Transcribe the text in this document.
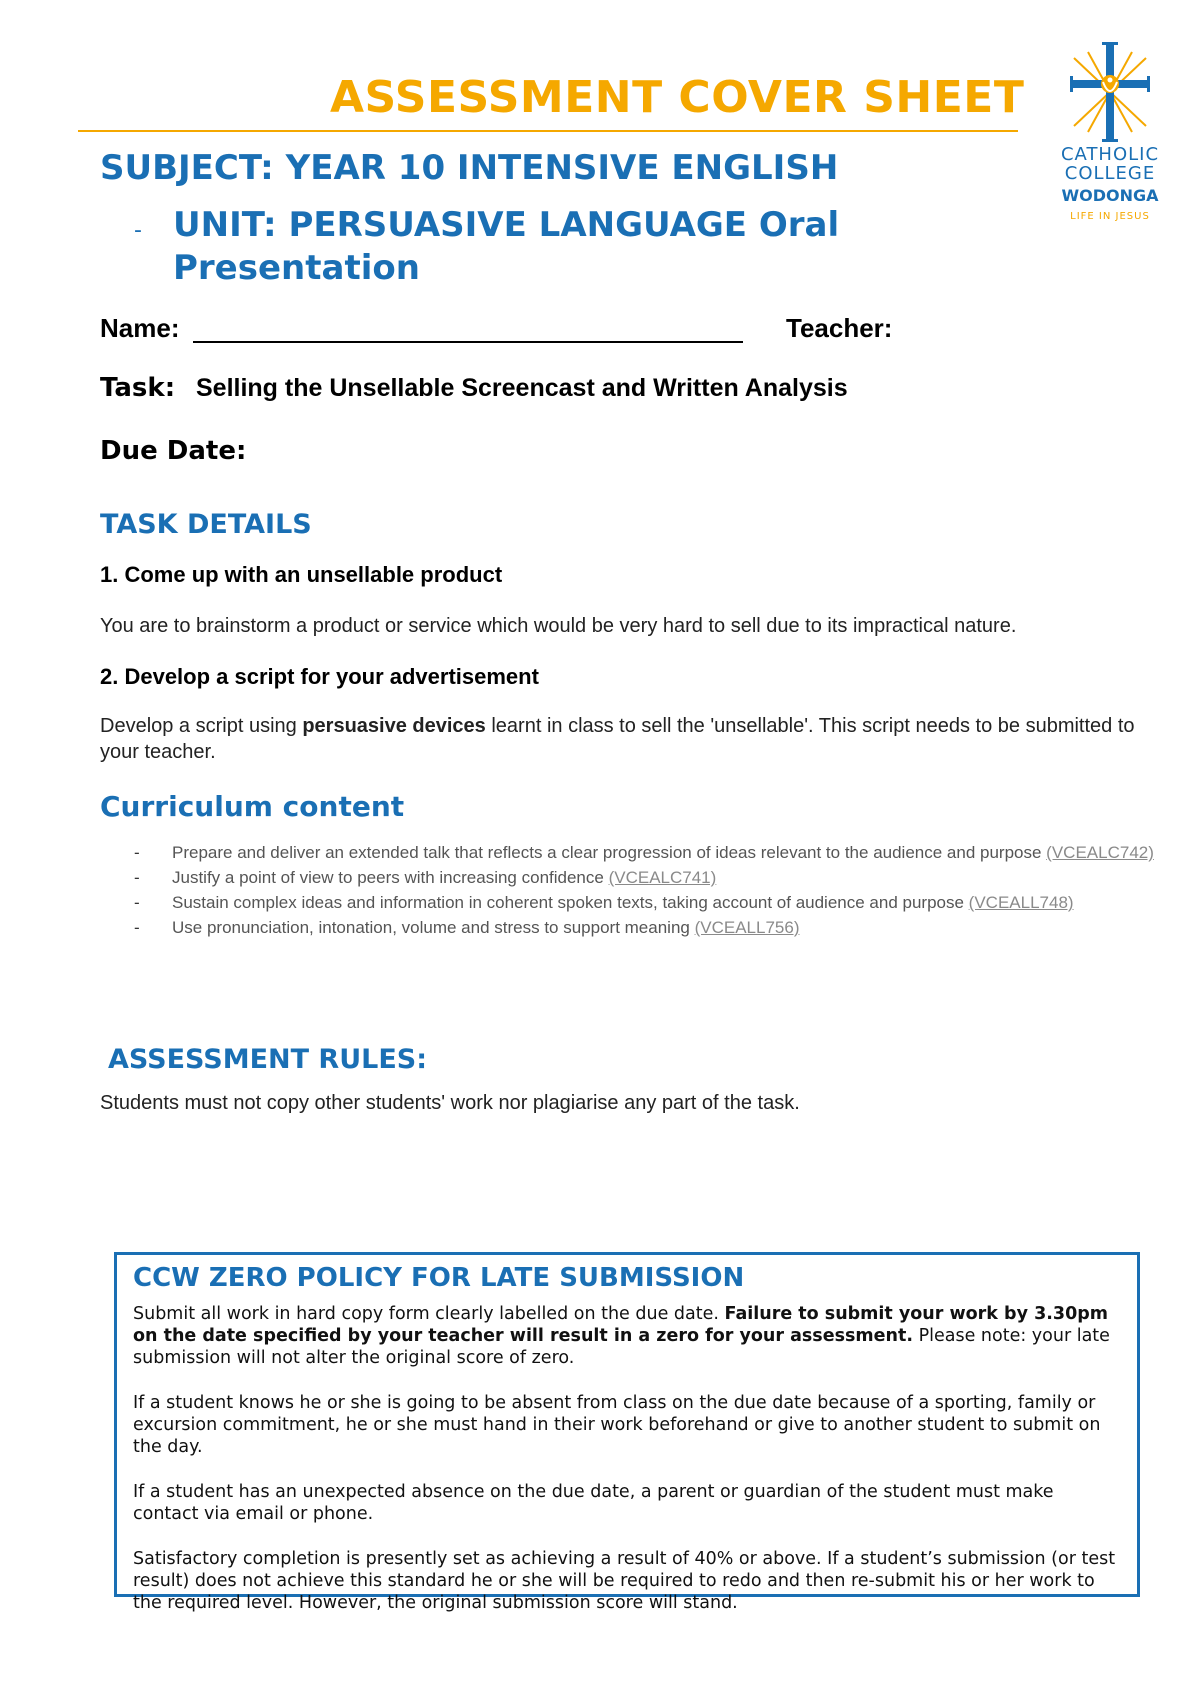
ASSESSMENT COVER SHEET
CATHOLIC
COLLEGE
WODONGA
LIFE IN JESUS
SUBJECT: YEAR 10 INTENSIVE ENGLISH
- UNIT: PERSUASIVE LANGUAGE Oral Presentation
Name:	Teacher:
Task: Selling the Unsellable Screencast and Written Analysis
Due Date:
TASK DETAILS
1. Come up with an unsellable product
You are to brainstorm a product or service which would be very hard to sell due to its impractical nature.
2. Develop a script for your advertisement
Develop a script using persuasive devices learnt in class to sell the 'unsellable'. This script needs to be submitted to your teacher.
Curriculum content
- Prepare and deliver an extended talk that reflects a clear progression of ideas relevant to the audience and purpose (VCEALC742)
- Justify a point of view to peers with increasing confidence (VCEALC741)
- Sustain complex ideas and information in coherent spoken texts, taking account of audience and purpose (VCEALL748)
- Use pronunciation, intonation, volume and stress to support meaning (VCEALL756)
ASSESSMENT RULES:
Students must not copy other students' work nor plagiarise any part of the task.
CCW ZERO POLICY FOR LATE SUBMISSION

Submit all work in hard copy form clearly labelled on the due date. Failure to submit your work by 3.30pm on the date specified by your teacher will result in a zero for your assessment. Please note: your late submission will not alter the original score of zero.

If a student knows he or she is going to be absent from class on the due date because of a sporting, family or excursion commitment, he or she must hand in their work beforehand or give to another student to submit on the day.

If a student has an unexpected absence on the due date, a parent or guardian of the student must make contact via email or phone.

Satisfactory completion is presently set as achieving a result of 40% or above. If a student’s submission (or test result) does not achieve this standard he or she will be required to redo and then re-submit his or her work to the required level. However, the original submission score will stand.
